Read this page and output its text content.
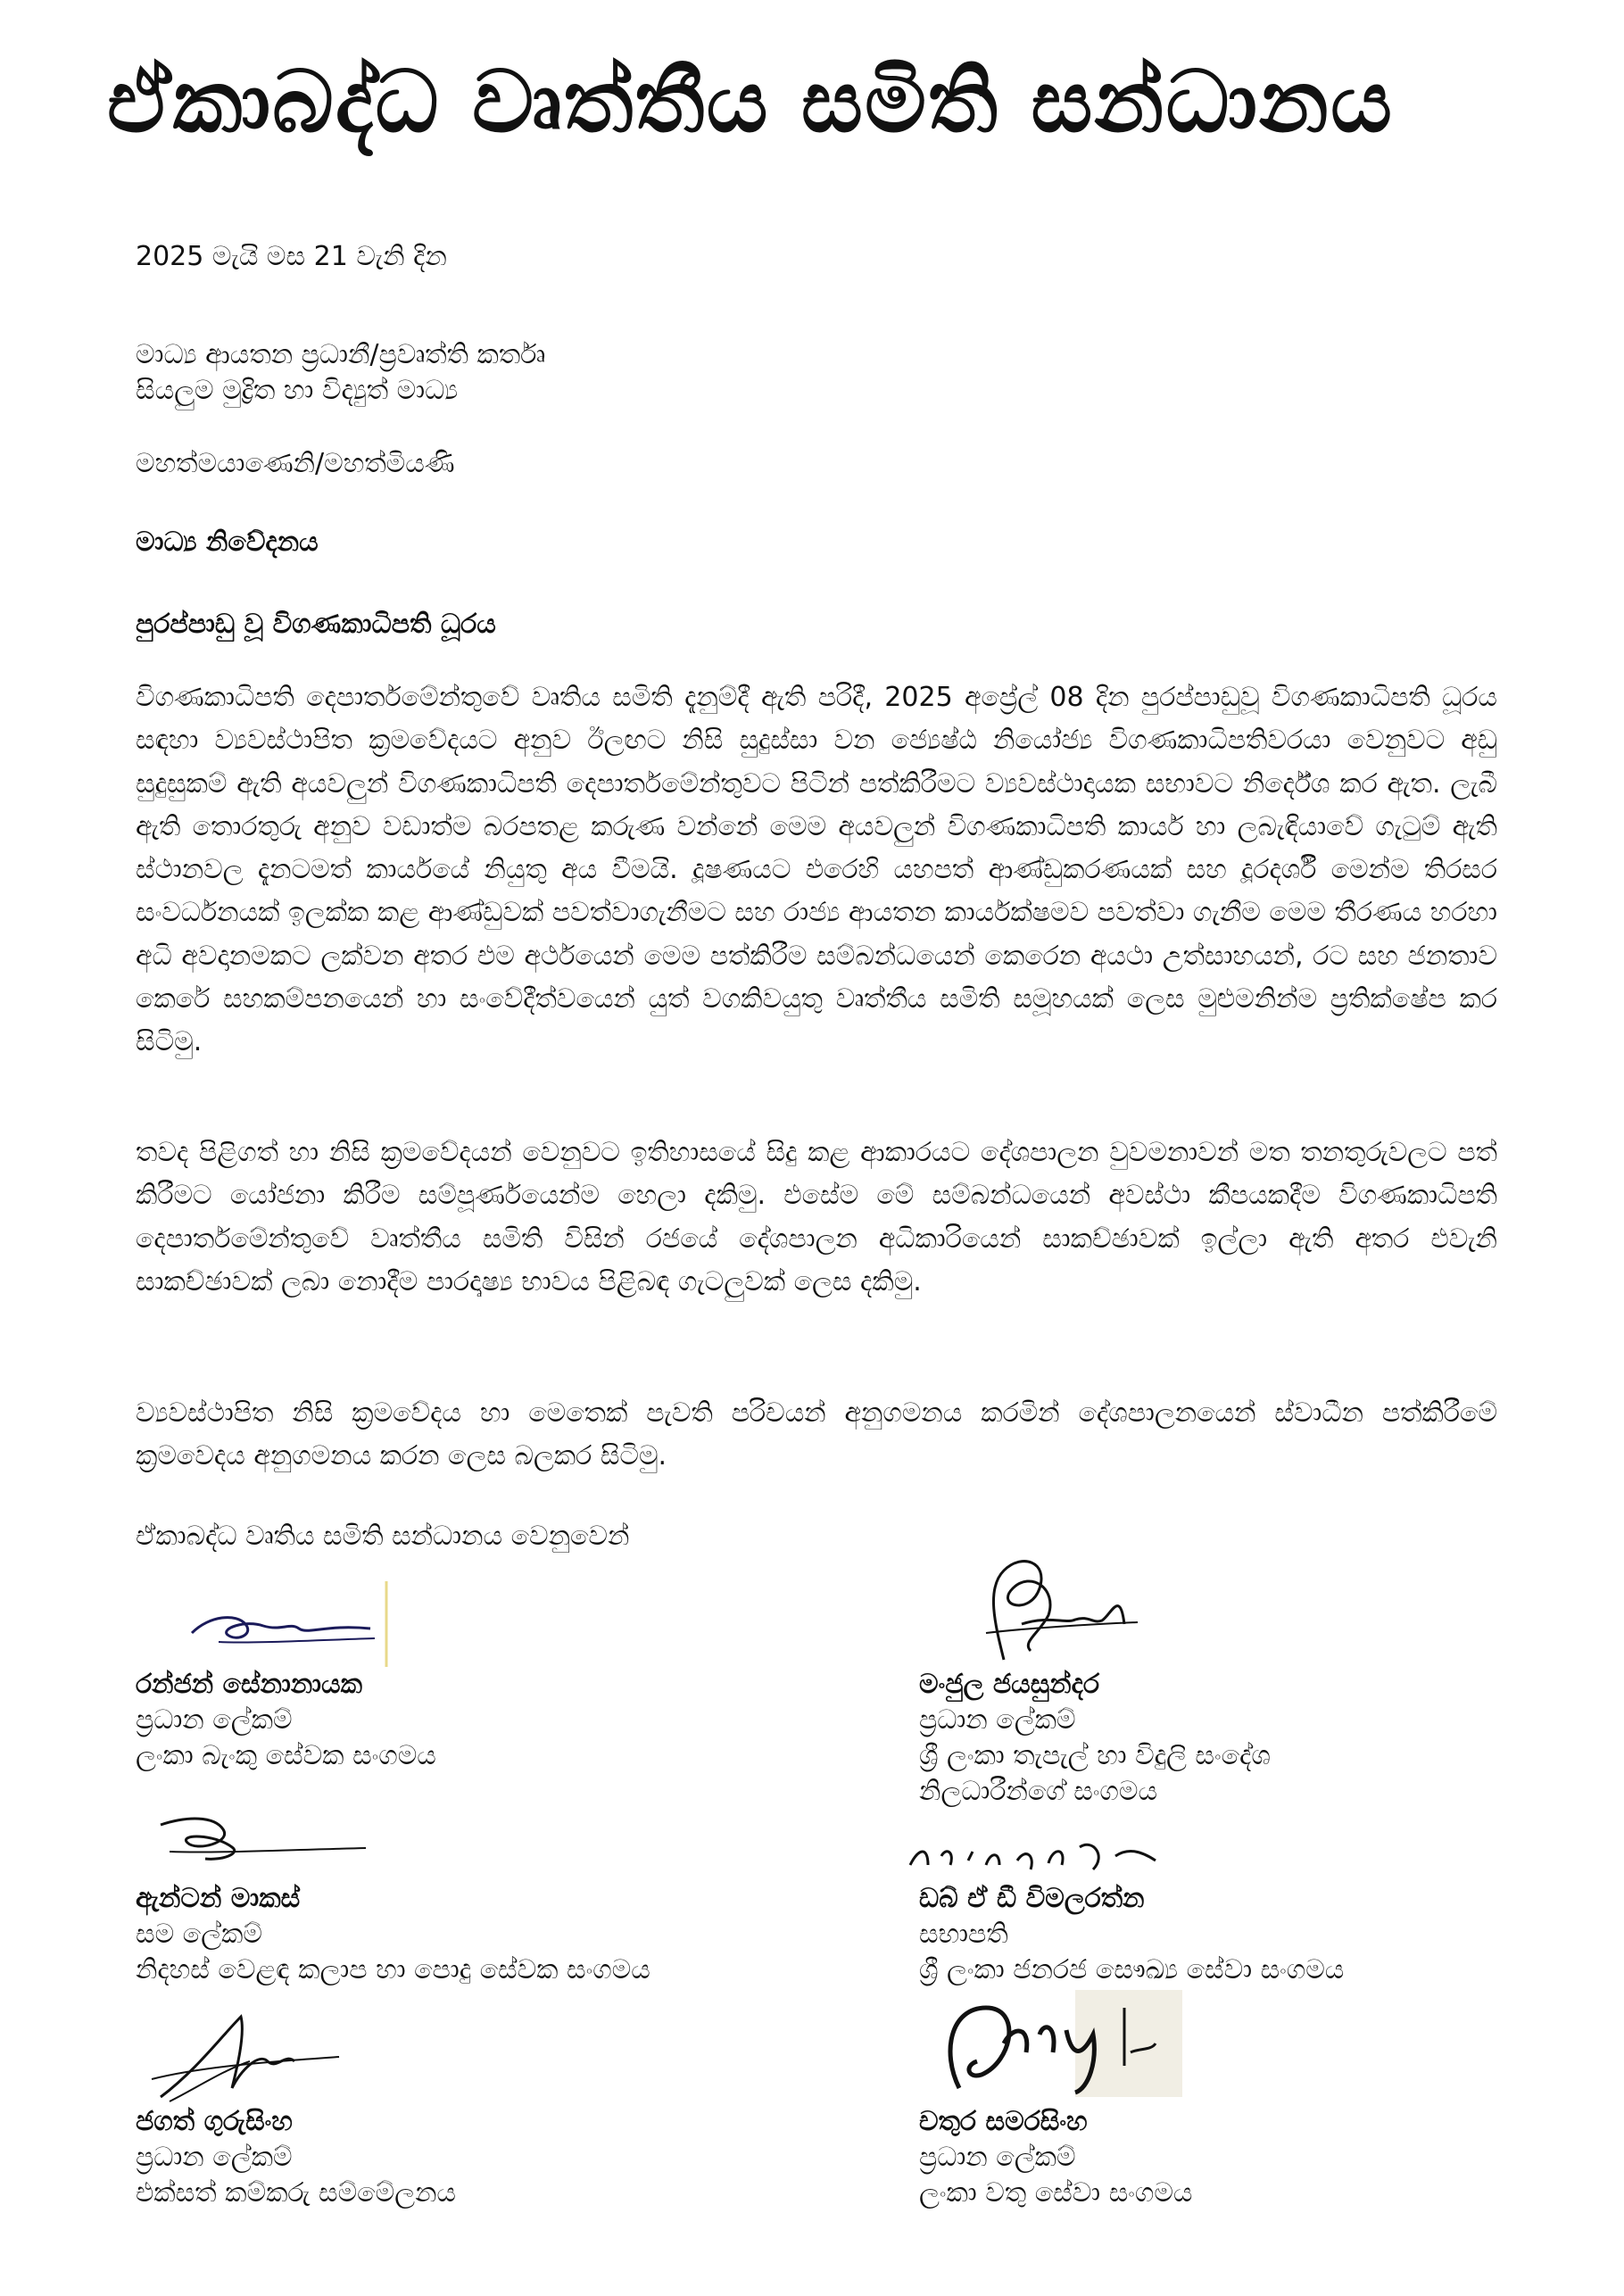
ඒකාබද්ධ වෘත්තීය සමිති සන්ධානය
2025 මැයි මස 21 වැනි දින
මාධ්‍ය ආයතන ප්‍රධානී/ප්‍රවෘත්ති කර්තෘ
සියලුම මුද්‍රිත හා විද්‍යුත් මාධ්‍ය
මහත්මයාණෙනි/මහත්මියණි
මාධ්‍ය නිවේදනය
පුරප්පාඩු වූ විගණකාධිපති ධූරය
විගණකාධිපති දෙපාර්තමේන්තුවේ වෘතිය සමිති දැනුම්දී ඇති පරිදී, 2025 අප්‍රේල් 08 දින පුරප්පාඩුවූ විගණකාධිපති ධූරය සඳහා ව්‍යවස්ථාපිත ක්‍රමවේදයට අනුව ඊලඟට නිසි සුදුස්සා වන ජ්‍යෙෂ්ඨ නියෝජ්‍ය විගණකාධිපතිවරයා වෙනුවට අඩු සුදුසුකම් ඇති අයවලුන් විගණකාධිපති දෙපාර්තමේන්තුවට පිටින් පත්කිරීමට ව්‍යවස්ථාදායක සභාවට නිර්දේශ කර ඇත. ලැබී ඇති තොරතුරු අනුව වඩාත්ම බරපතළ කරුණ වන්නේ මෙම අයවලුන් විගණකාධිපති කාර්ය හා ලබැඳියාවේ ගැටුම් ඇති ස්ථානවල දැනටමත් කාර්යයේ නියුතු අය වීමයි. දූෂණයට එරෙහි යහපත් ආණ්ඩුකරණයක් සහ දූරදර්ශී මෙන්ම තිරසර සංවර්ධනයක් ඉලක්ක කළ ආණ්ඩුවක් පවත්වාගැනීමට සහ රාජ්‍ය ආයතන කාර්යක්ෂමව පවත්වා ගැනීම මෙම තීරණය හරහා අධි අවදානමකට ලක්වන අතර එම අර්ථයෙන් මෙම පත්කිරීම සම්බන්ධයෙන් කෙරෙන අයථා උත්සාහයන්, රට සහ ජනතාව කෙරේ සහකම්පනයෙන් හා සංවේදීත්වයෙන් යුත් වගකිවයුතු වෘත්තීය සමිති සමූහයක් ලෙස මුළුමනින්ම ප්‍රතික්ෂේප කර සිටිමු.
තවද පිළිගත් හා නිසි ක්‍රමවේදයන් වෙනුවට ඉතිහාසයේ සිදු කළ ආකාරයට දේශපාලන වුවමනාවන් මත තනතුරුවලට පත් කිරීමට යෝජනා කිරීම සම්පූර්ණයෙන්ම හෙලා දකිමු. එසේම මේ සම්බන්ධයෙන් අවස්ථා කීපයකදීම විගණකාධිපති දෙපාර්තමේන්තුවේ වෘත්තීය සමිති විසින් රජයේ දේශපාලන අධිකාරියෙන් සාකච්ඡාවක් ඉල්ලා ඇති අතර එවැනි සාකච්ඡාවක් ලබා නොදීම පාරදෘෂ්‍ය භාවය පිළිබඳ ගැටලුවක් ලෙස දකිමු.
ව්‍යවස්ථාපිත නිසි ක්‍රමවේදය හා මෙතෙක් පැවති පරිචයන් අනුගමනය කරමින් දේශපාලනයෙන් ස්වාධීන පත්කිරීමේ ක්‍රමවෙදය අනුගමනය කරන ලෙස බලකර සිටිමු.
ඒකාබද්ධ වෘතිය සමිති සන්ධානය වෙනුවෙන්
රන්ජන් සේනානායක
ප්‍රධාන ලේකම්
ලංකා බැංකු සේවක සංගමය
මංජුල ජයසුන්දර
ප්‍රධාන ලේකම්
ශ්‍රී ලංකා තැපැල් හා විදුලි සංදේශ
නිලධාරීන්ගේ සංගමය
ඇන්ටන් මාකස්
සම ලේකම්
නිදහස් වෙළඳ කලාප හා පොදු සේවක සංගමය
ඩබ් ඒ ඩී විමලරත්න
සභාපති
ශ්‍රී ලංකා ජනරජ සෞඛ්‍ය සේවා සංගමය
ජගත් ගුරුසිංහ
ප්‍රධාන ලේකම්
එක්සත් කම්කරු සම්මේලනය
චතුර සමරසිංහ
ප්‍රධාන ලේකම්
ලංකා වතු සේවා සංගමය
